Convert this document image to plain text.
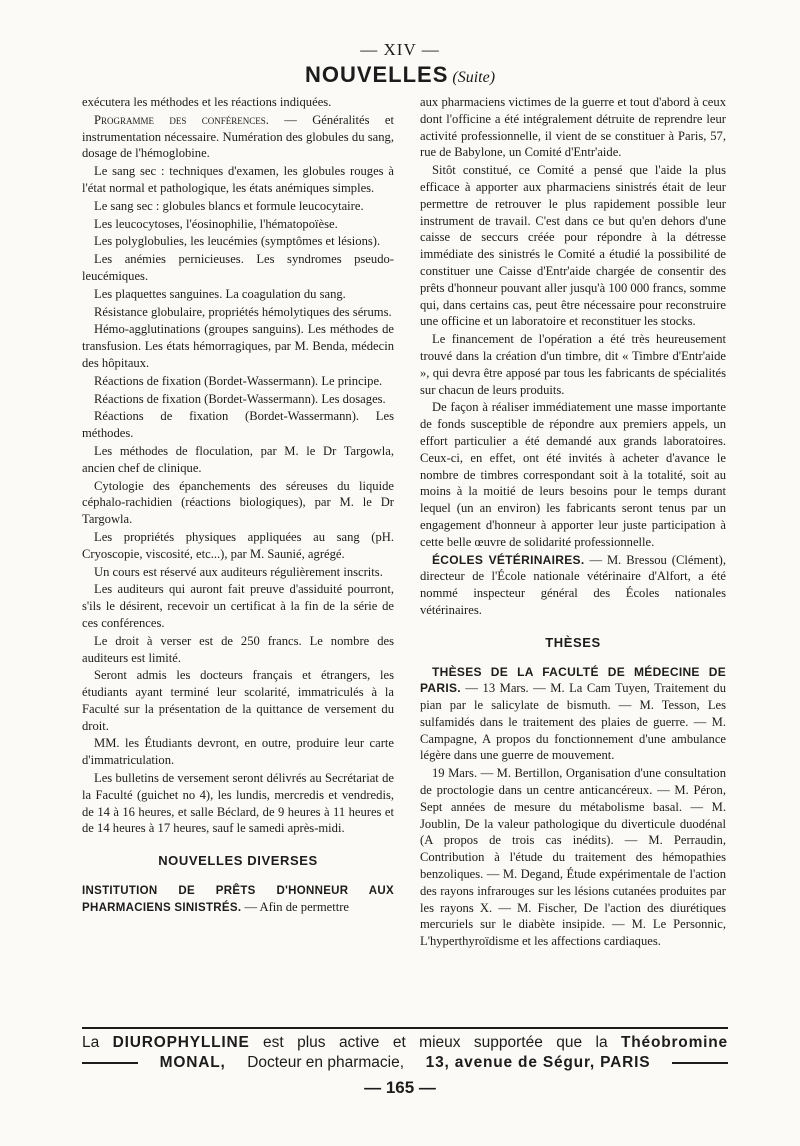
— XIV —
NOUVELLES (Suite)

exécutera les méthodes et les réactions indiquées.

Programme des conférences. — Généralités et instrumentation nécessaire. Numération des globules du sang, dosage de l'hémoglobine.

Le sang sec : techniques d'examen, les globules rouges à l'état normal et pathologique, les états anémiques simples.

Le sang sec : globules blancs et formule leucocytaire.

Les leucocytoses, l'éosinophilie, l'hématopoïèse.

Les polyglobulies, les leucémies (symptômes et lésions).

Les anémies pernicieuses. Les syndromes pseudo-leucémiques.

Les plaquettes sanguines. La coagulation du sang.

Résistance globulaire, propriétés hémolytiques des sérums.

Hémo-agglutinations (groupes sanguins). Les méthodes de transfusion. Les états hémorragiques, par M. Benda, médecin des hôpitaux.

Réactions de fixation (Bordet-Wassermann). Le principe.

Réactions de fixation (Bordet-Wassermann). Les dosages.

Réactions de fixation (Bordet-Wassermann). Les méthodes.

Les méthodes de floculation, par M. le Dr Targowla, ancien chef de clinique.

Cytologie des épanchements des séreuses du liquide céphalo-rachidien (réactions biologiques), par M. le Dr Targowla.

Les propriétés physiques appliquées au sang (pH. Cryoscopie, viscosité, etc...), par M. Saunié, agrégé.

Un cours est réservé aux auditeurs régulièrement inscrits.

Les auditeurs qui auront fait preuve d'assiduité pourront, s'ils le désirent, recevoir un certificat à la fin de la série de ces conférences.

Le droit à verser est de 250 francs. Le nombre des auditeurs est limité.

Seront admis les docteurs français et étrangers, les étudiants ayant terminé leur scolarité, immatriculés à la Faculté sur la présentation de la quittance de versement du droit.

MM. les Étudiants devront, en outre, produire leur carte d'immatriculation.

Les bulletins de versement seront délivrés au Secrétariat de la Faculté (guichet no 4), les lundis, mercredis et vendredis, de 14 à 16 heures, et salle Béclard, de 9 heures à 11 heures et de 14 heures à 17 heures, sauf le samedi après-midi.

NOUVELLES DIVERSES

INSTITUTION DE PRÊTS D'HONNEUR AUX PHARMACIENS SINISTRÉS. — Afin de permettre

aux pharmaciens victimes de la guerre et tout d'abord à ceux dont l'officine a été intégralement détruite de reprendre leur activité professionnelle, il vient de se constituer à Paris, 57, rue de Babylone, un Comité d'Entr'aide.

Sitôt constitué, ce Comité a pensé que l'aide la plus efficace à apporter aux pharmaciens sinistrés était de leur permettre de retrouver le plus rapidement possible leur instrument de travail. C'est dans ce but qu'en dehors d'une caisse de seccurs créée pour répondre à la détresse immédiate des sinistrés le Comité a étudié la possibilité de constituer une Caisse d'Entr'aide chargée de consentir des prêts d'honneur pouvant aller jusqu'à 100 000 francs, somme qui, dans certains cas, peut être nécessaire pour reconstruire une officine et un laboratoire et reconstituer les stocks.

Le financement de l'opération a été très heureusement trouvé dans la création d'un timbre, dit « Timbre d'Entr'aide », qui devra être apposé par tous les fabricants de spécialités sur chacun de leurs produits.

De façon à réaliser immédiatement une masse importante de fonds susceptible de répondre aux premiers appels, un effort particulier a été demandé aux grands laboratoires. Ceux-ci, en effet, ont été invités à acheter d'avance le nombre de timbres correspondant soit à la totalité, soit au moins à la moitié de leurs besoins pour le temps durant lequel (un an environ) les fabricants seront tenus par un engagement d'honneur à apporter leur juste participation à cette belle œuvre de solidarité professionnelle.

ÉCOLES VÉTÉRINAIRES. — M. Bressou (Clément), directeur de l'École nationale vétérinaire d'Alfort, a été nommé inspecteur général des Écoles nationales vétérinaires.

THÈSES

THÈSES DE LA FACULTÉ DE MÉDECINE DE PARIS. — 13 Mars. — M. La Cam Tuyen, Traitement du pian par le salicylate de bismuth. — M. Tesson, Les sulfamidés dans le traitement des plaies de guerre. — M. Campagne, A propos du fonctionnement d'une ambulance légère dans une guerre de mouvement.

19 Mars. — M. Bertillon, Organisation d'une consultation de proctologie dans un centre anticancéreux. — M. Péron, Sept années de mesure du métabolisme basal. — M. Joublin, De la valeur pathologique du diverticule duodénal (A propos de trois cas inédits). — M. Perraudin, Contribution à l'étude du traitement des hémopathies benzoliques. — M. Degand, Étude expérimentale de l'action des rayons infrarouges sur les lésions cutanées produites par les rayons X. — M. Fischer, De l'action des diurétiques mercuriels sur le diabète insipide. — M. Le Personnic, L'hyperthyroïdisme et les affections cardiaques.

La DIUROPHYLLINE est plus active et mieux supportée que la Théobromine
MONAL, Docteur en pharmacie, 13, avenue de Ségur, PARIS
— 165 —
